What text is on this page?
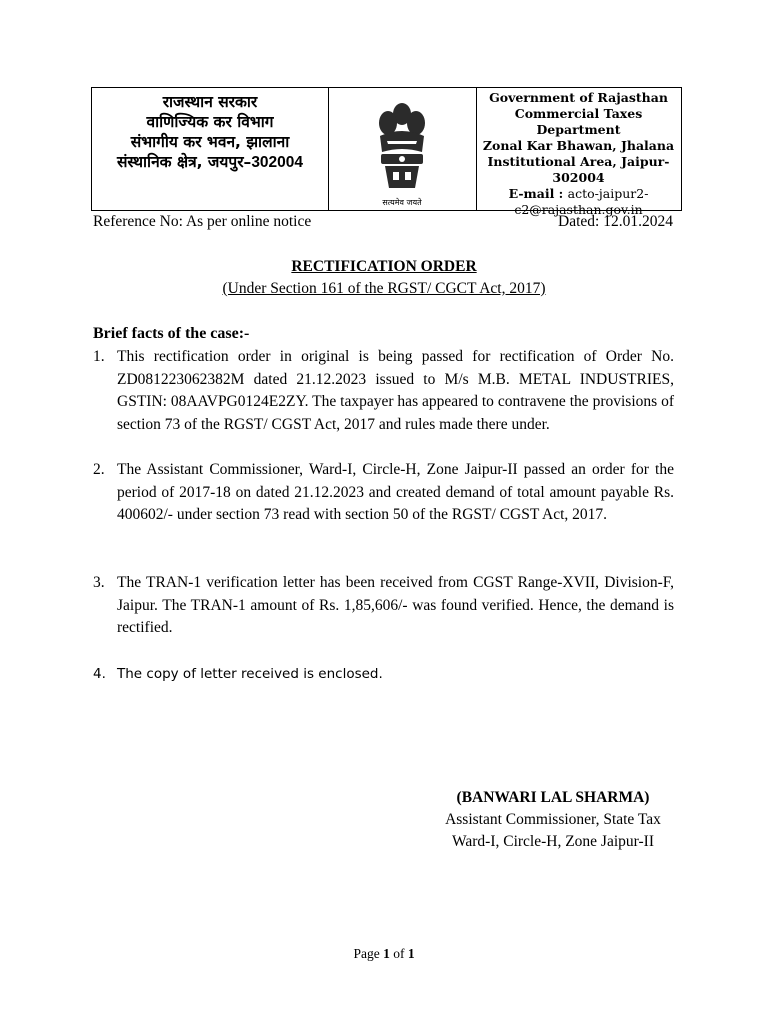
राजस्थान सरकार
वाणिज्यिक कर विभाग
संभागीय कर भवन, झालाना
संस्थानिक क्षेत्र, जयपुर–302004
सत्यमेव जयते
Government of Rajasthan
Commercial Taxes Department
Zonal Kar Bhawan, Jhalana
Institutional Area, Jaipur-302004
E-mail : acto-jaipur2-
c2@rajasthan.gov.in
Reference No: As per online notice	Dated: 12.01.2024
RECTIFICATION ORDER
(Under Section 161 of the RGST/ CGCT Act, 2017)
Brief facts of the case:-
1. This rectification order in original is being passed for rectification of Order No. ZD081223062382M dated 21.12.2023 issued to M/s M.B. METAL INDUSTRIES, GSTIN: 08AAVPG0124E2ZY. The taxpayer has appeared to contravene the provisions of section 73 of the RGST/ CGST Act, 2017 and rules made there under.
2. The Assistant Commissioner, Ward-I, Circle-H, Zone Jaipur-II passed an order for the period of 2017-18 on dated 21.12.2023 and created demand of total amount payable Rs. 400602/- under section 73 read with section 50 of the RGST/ CGST Act, 2017.
3. The TRAN-1 verification letter has been received from CGST Range-XVII, Division-F, Jaipur. The TRAN-1 amount of Rs. 1,85,606/- was found verified. Hence, the demand is rectified.
4. The copy of letter received is enclosed.
(BANWARI LAL SHARMA)
Assistant Commissioner, State Tax
Ward-I, Circle-H, Zone Jaipur-II
Page 1 of 1
